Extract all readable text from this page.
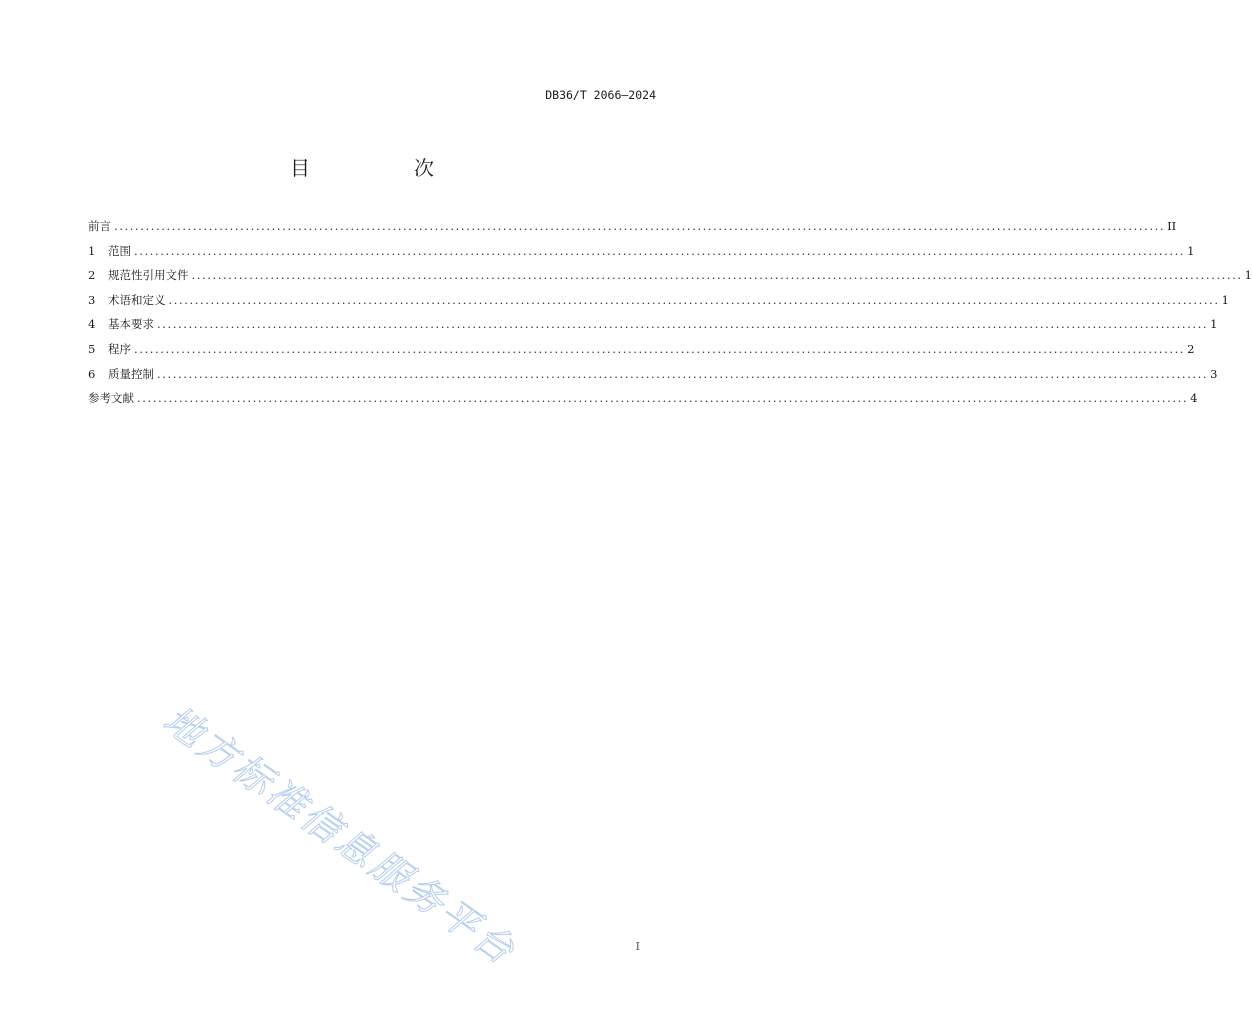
DB36/T 2066—2024
目　次
前言 ........................................................................................................................................................................................................ II
1	范围 ........................................................................................................................................................................................................ 1
2	规范性引用文件 ........................................................................................................................................................................................................ 1
3	术语和定义 ........................................................................................................................................................................................................ 1
4	基本要求 ........................................................................................................................................................................................................ 1
5	程序 ........................................................................................................................................................................................................ 2
6	质量控制 ........................................................................................................................................................................................................ 3
参考文献 ........................................................................................................................................................................................................ 4
地方标准信息服务平台	I
